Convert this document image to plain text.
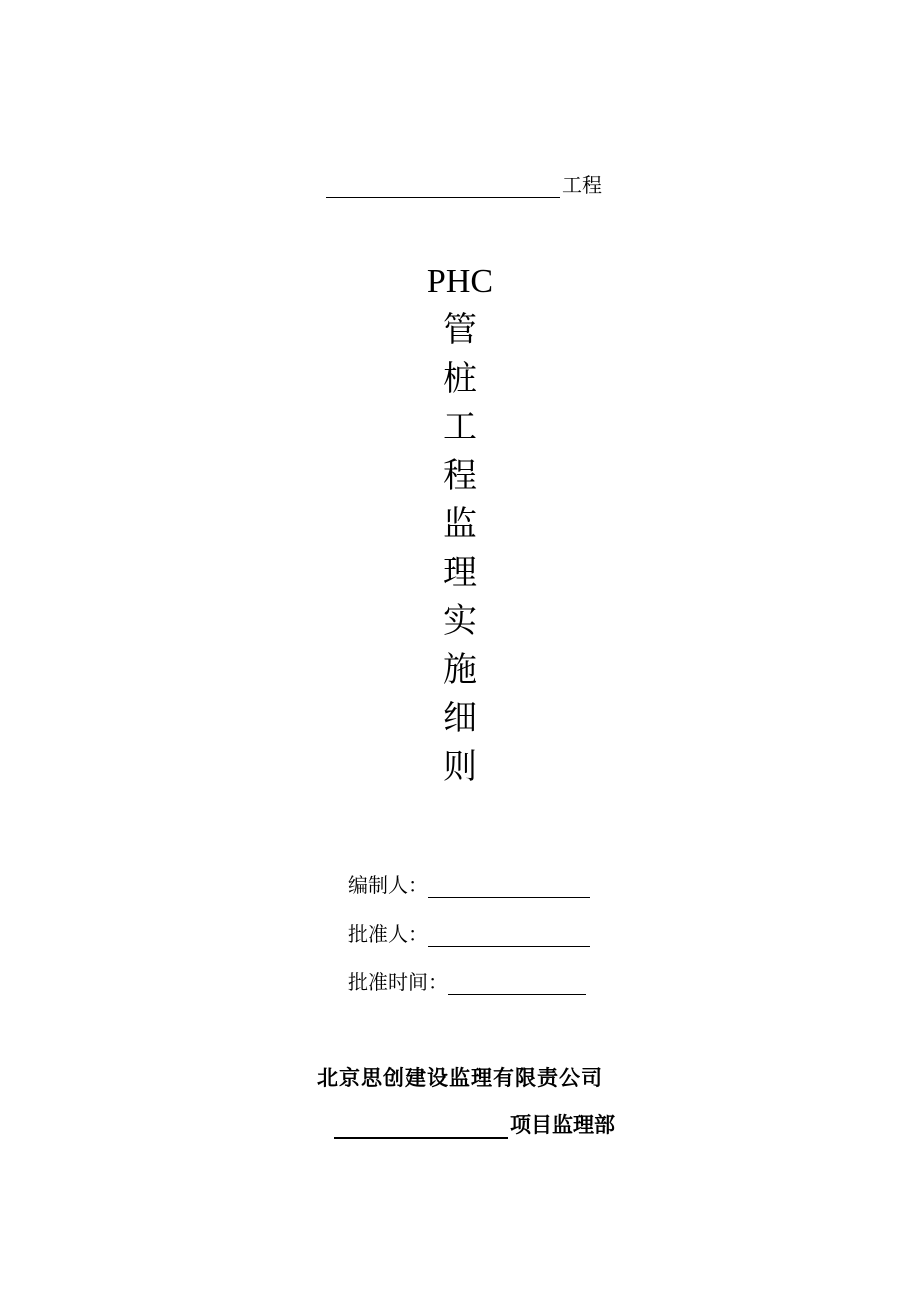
工程
PHC
管
桩
工
程
监
理
实
施
细
则
编制人：
批准人：
批准时间：
北京思创建设监理有限责公司
项目监理部
